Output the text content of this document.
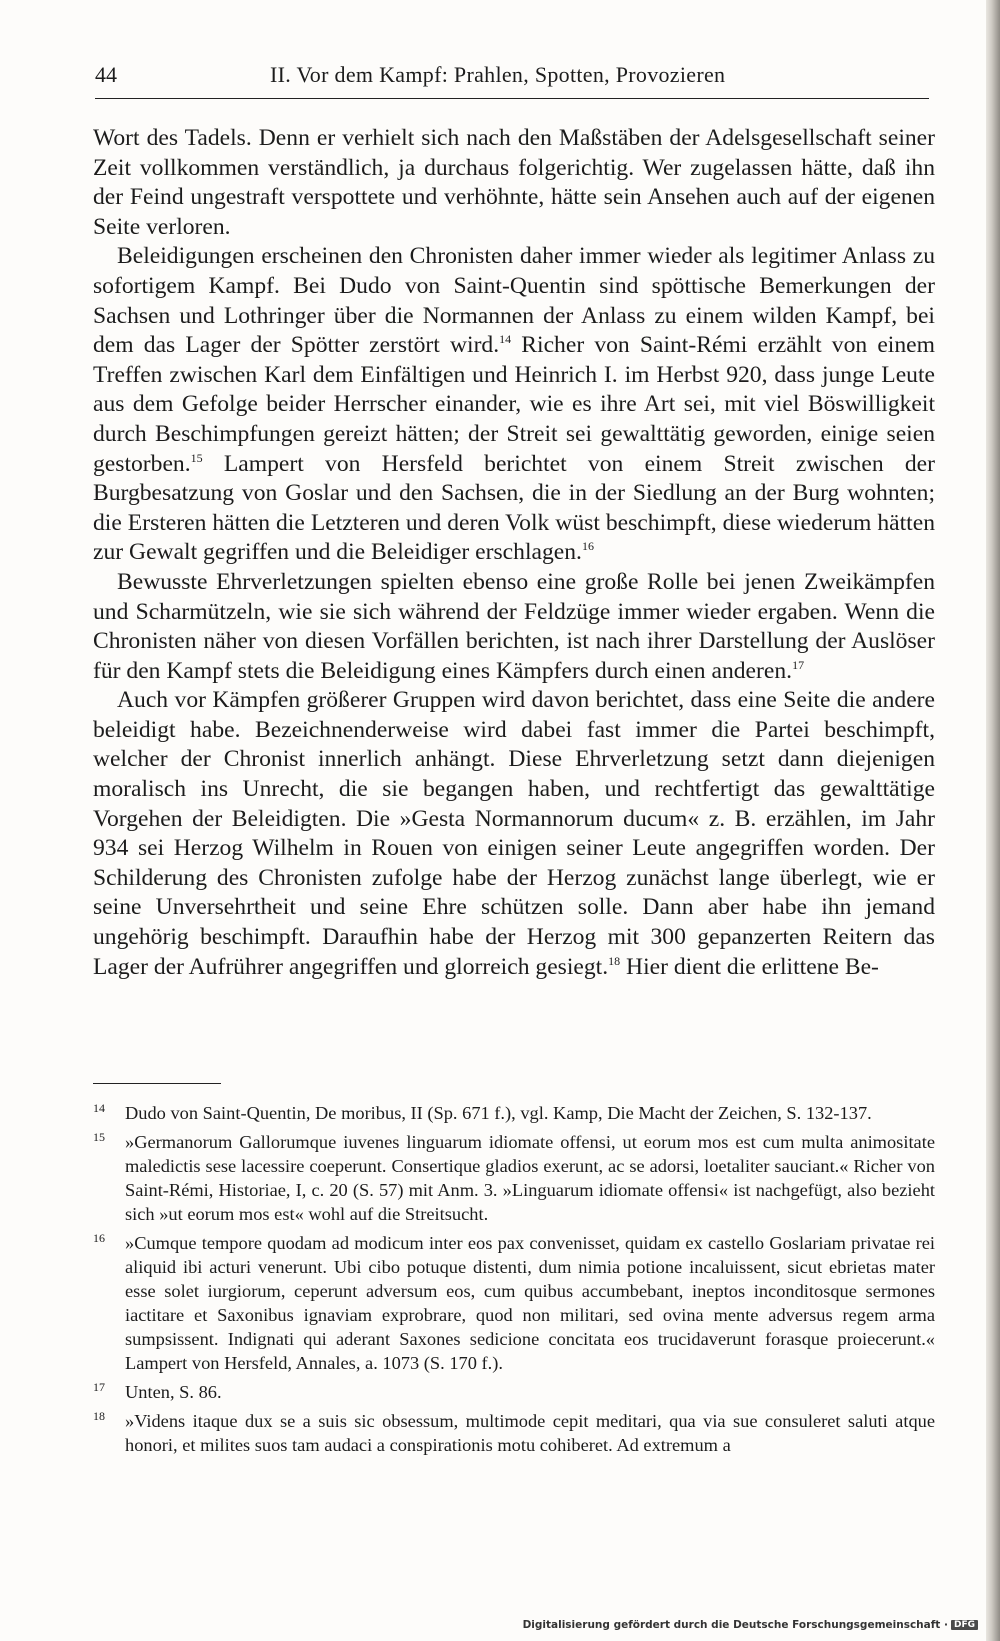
44	II. Vor dem Kampf: Prahlen, Spotten, Provozieren

Wort des Tadels. Denn er verhielt sich nach den Maßstäben der Adelsgesellschaft seiner Zeit vollkommen verständlich, ja durchaus folgerichtig. Wer zugelassen hätte, daß ihn der Feind ungestraft verspottete und verhöhnte, hätte sein Ansehen auch auf der eigenen Seite verloren.

Beleidigungen erscheinen den Chronisten daher immer wieder als legitimer Anlass zu sofortigem Kampf. Bei Dudo von Saint-Quentin sind spöttische Bemerkungen der Sachsen und Lothringer über die Normannen der Anlass zu einem wilden Kampf, bei dem das Lager der Spötter zerstört wird.$^{14}$ Richer von Saint-Rémi erzählt von einem Treffen zwischen Karl dem Einfältigen und Heinrich I. im Herbst 920, dass junge Leute aus dem Gefolge beider Herrscher einander, wie es ihre Art sei, mit viel Böswilligkeit durch Beschimpfungen gereizt hätten; der Streit sei gewalttätig geworden, einige seien gestorben.$^{15}$ Lampert von Hersfeld berichtet von einem Streit zwischen der Burgbesatzung von Goslar und den Sachsen, die in der Siedlung an der Burg wohnten; die Ersteren hätten die Letzteren und deren Volk wüst beschimpft, diese wiederum hätten zur Gewalt gegriffen und die Beleidiger erschlagen.$^{16}$

Bewusste Ehrverletzungen spielten ebenso eine große Rolle bei jenen Zweikämpfen und Scharmützeln, wie sie sich während der Feldzüge immer wieder ergaben. Wenn die Chronisten näher von diesen Vorfällen berichten, ist nach ihrer Darstellung der Auslöser für den Kampf stets die Beleidigung eines Kämpfers durch einen anderen.$^{17}$

Auch vor Kämpfen größerer Gruppen wird davon berichtet, dass eine Seite die andere beleidigt habe. Bezeichnenderweise wird dabei fast immer die Partei beschimpft, welcher der Chronist innerlich anhängt. Diese Ehrverletzung setzt dann diejenigen moralisch ins Unrecht, die sie begangen haben, und rechtfertigt das gewalttätige Vorgehen der Beleidigten. Die »Gesta Normannorum ducum« z. B. erzählen, im Jahr 934 sei Herzog Wilhelm in Rouen von einigen seiner Leute angegriffen worden. Der Schilderung des Chronisten zufolge habe der Herzog zunächst lange überlegt, wie er seine Unversehrtheit und seine Ehre schützen solle. Dann aber habe ihn jemand ungehörig beschimpft. Daraufhin habe der Herzog mit 300 gepanzerten Reitern das Lager der Aufrührer angegriffen und glorreich gesiegt.$^{18}$ Hier dient die erlittene Be-

14 Dudo von Saint-Quentin, De moribus, II (Sp. 671 f.), vgl. Kamp, Die Macht der Zeichen, S. 132-137.
15 »Germanorum Gallorumque iuvenes linguarum idiomate offensi, ut eorum mos est cum multa animositate maledictis sese lacessire coeperunt. Consertique gladios exerunt, ac se adorsi, loetaliter sauciant.« Richer von Saint-Rémi, Historiae, I, c. 20 (S. 57) mit Anm. 3. »Linguarum idiomate offensi« ist nachgefügt, also bezieht sich »ut eorum mos est« wohl auf die Streitsucht.
16 »Cumque tempore quodam ad modicum inter eos pax convenisset, quidam ex castello Goslariam privatae rei aliquid ibi acturi venerunt. Ubi cibo potuque distenti, dum nimia potione incaluissent, sicut ebrietas mater esse solet iurgiorum, ceperunt adversum eos, cum quibus accumbebant, ineptos inconditosque sermones iactitare et Saxonibus ignaviam exprobrare, quod non militari, sed ovina mente adversus regem arma sumpsissent. Indignati qui aderant Saxones sedicione concitata eos trucidaverunt forasque proiecerunt.« Lampert von Hersfeld, Annales, a. 1073 (S. 170 f.).
17 Unten, S. 86.
18 »Videns itaque dux se a suis sic obsessum, multimode cepit meditari, qua via sue consuleret saluti atque honori, et milites suos tam audaci a conspirationis motu cohiberet. Ad extremum a
Digitalisierung gefördert durch die Deutsche Forschungsgemeinschaft · DFG
